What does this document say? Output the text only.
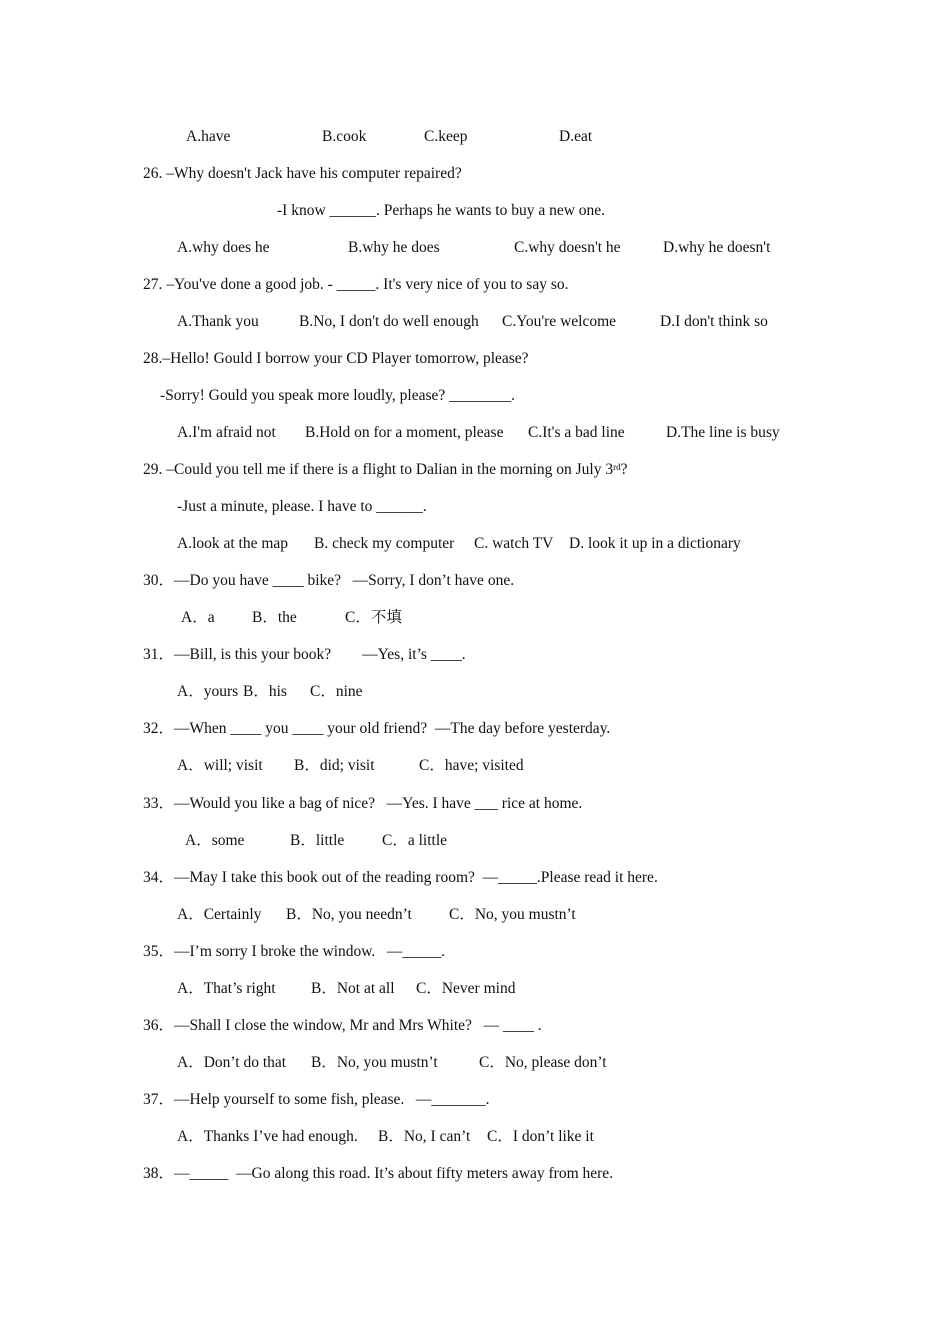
A.have	B.cook	C.keep	D.eat
26. –Why doesn't Jack have his computer repaired?
-I know ______. Perhaps he wants to buy a new one.
A.why does he	B.why he does	C.why doesn't he	D.why he doesn't
27. –You've done a good job. - _____. It's very nice of you to say so.
A.Thank you	B.No, I don't do well enough C.You're welcome	D.I don't think so
28.–Hello! Gould I borrow your CD Player tomorrow, please?
-Sorry! Gould you speak more loudly, please? ________.
A.I'm afraid not B.Hold on for a moment, please C.It's a bad line	D.The line is busy
29. –Could you tell me if there is a flight to Dalian in the morning on July 3rd?
-Just a minute, please. I have to ______.
A.look at the map B. check my computer C. watch TV D. look it up in a dictionary
30．—Do you have ____ bike?   —Sorry, I don’t have one.
A．a B．the	C．不填
31．—Bill, is this your book?        —Yes, it’s ____.
A．yours B．his C．nine
32．—When ____ you ____ your old friend?  —The day before yesterday.
A．will; visit B．did; visit	C．have; visited
33．—Would you like a bag of nice?   —Yes. I have ___ rice at home.
A．some	B．little C．a little
34．—May I take this book out of the reading room?  —_____.Please read it here.
A．Certainly B．No, you needn’t C．No, you mustn’t
35．—I’m sorry I broke the window.   —_____.
A．That’s right B．Not at all C．Never mind
36．—Shall I close the window, Mr and Mrs White?   — ____ .
A．Don’t do that B．No, you mustn’t	C．No, please don’t
37．—Help yourself to some fish, please.   —_______.
A．Thanks I’ve had enough. B．No, I can’t C．I don’t like it
38．—_____  —Go along this road. It’s about fifty meters away from here.
